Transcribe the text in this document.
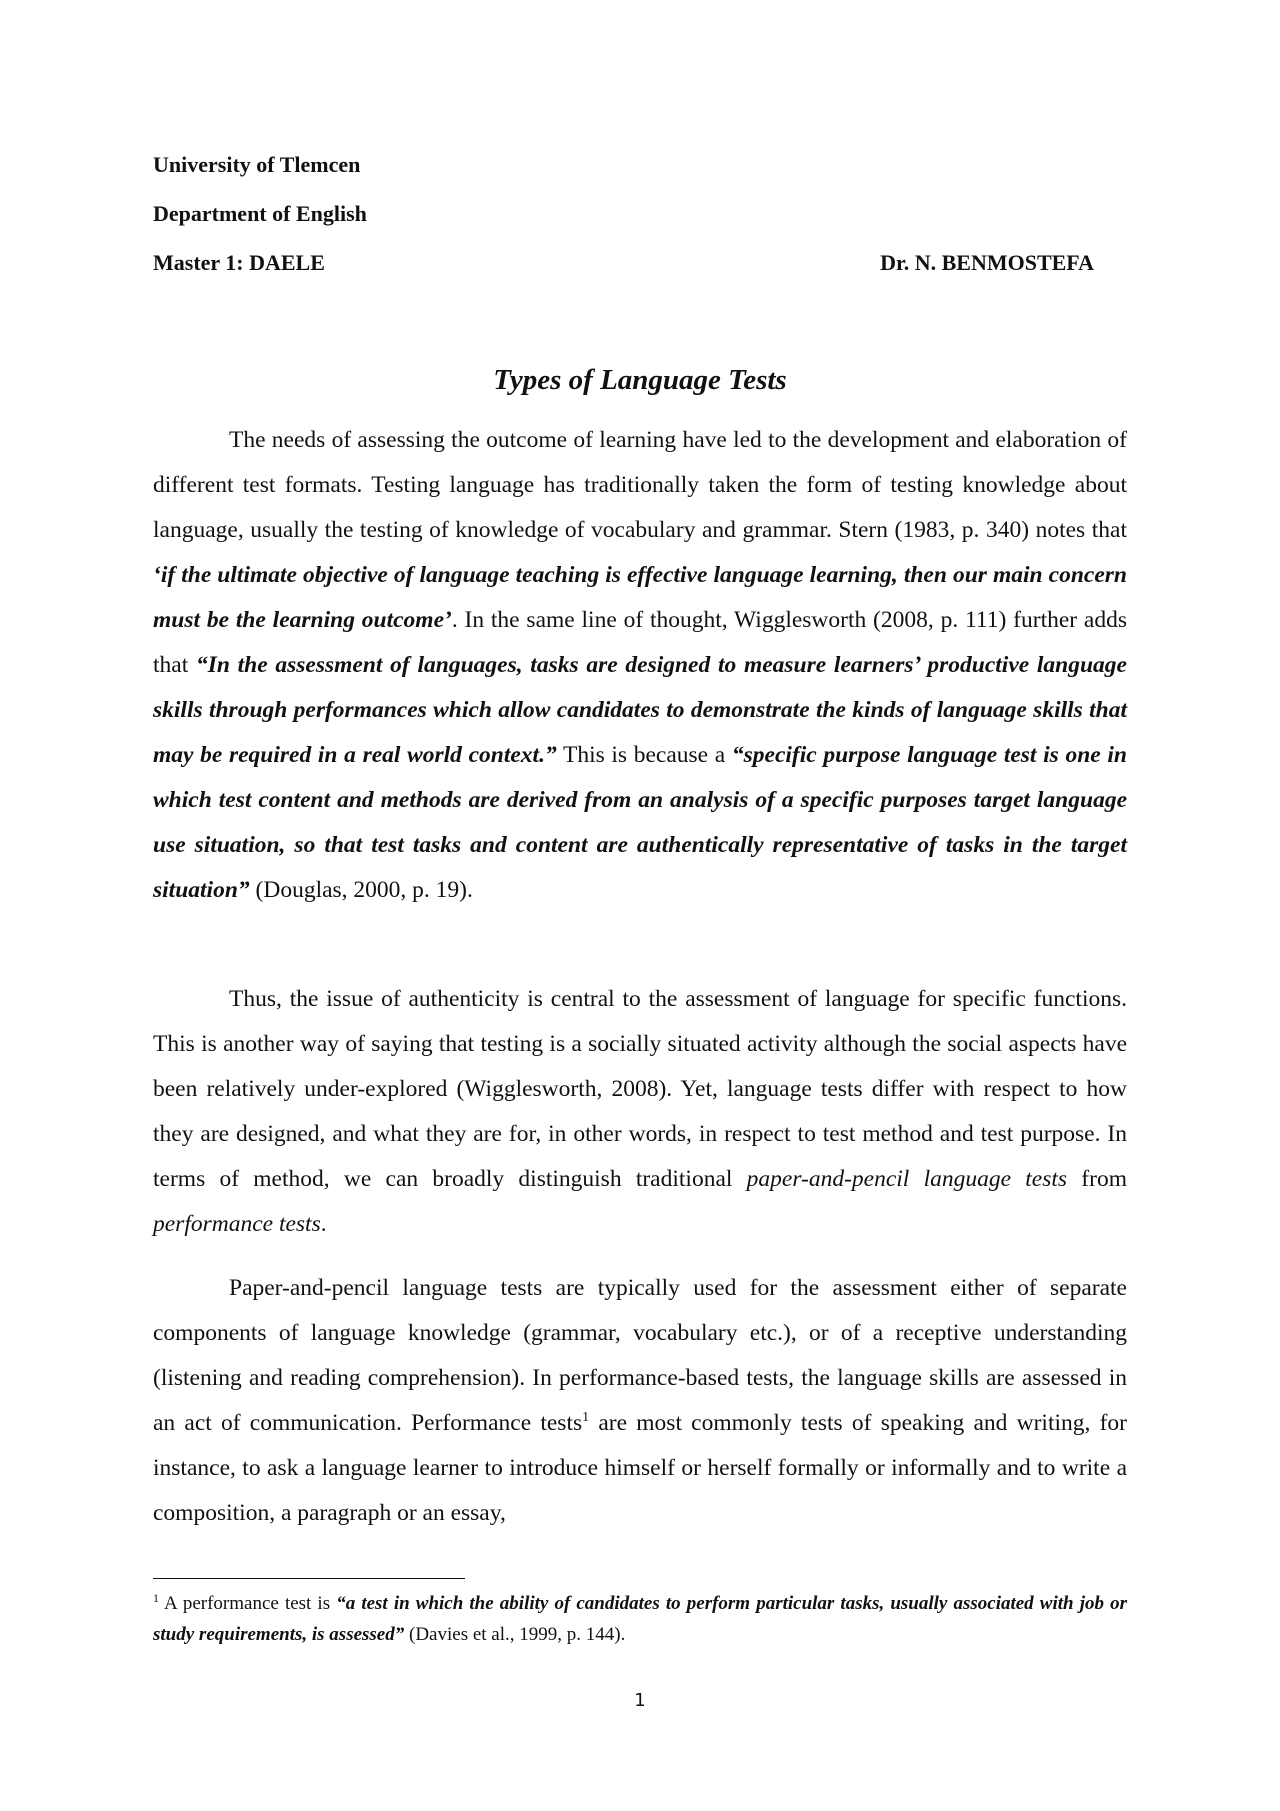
University of Tlemcen
Department of English
Master 1: DAELE	Dr. N. BENMOSTEFA
Types of Language Tests

The needs of assessing the outcome of learning have led to the development and elaboration of different test formats. Testing language has traditionally taken the form of testing knowledge about language, usually the testing of knowledge of vocabulary and grammar. Stern (1983, p. 340) notes that ‘if the ultimate objective of language teaching is effective language learning, then our main concern must be the learning outcome’. In the same line of thought, Wigglesworth (2008, p. 111) further adds that “In the assessment of languages, tasks are designed to measure learners’ productive language skills through performances which allow candidates to demonstrate the kinds of language skills that may be required in a real world context.” This is because a “specific purpose language test is one in which test content and methods are derived from an analysis of a specific purposes target language use situation, so that test tasks and content are authentically representative of tasks in the target situation” (Douglas, 2000, p. 19).

Thus, the issue of authenticity is central to the assessment of language for specific functions. This is another way of saying that testing is a socially situated activity although the social aspects have been relatively under-explored (Wigglesworth, 2008). Yet, language tests differ with respect to how they are designed, and what they are for, in other words, in respect to test method and test purpose. In terms of method, we can broadly distinguish traditional paper-and-pencil language tests from performance tests.

Paper-and-pencil language tests are typically used for the assessment either of separate components of language knowledge (grammar, vocabulary etc.), or of a receptive understanding (listening and reading comprehension). In performance-based tests, the language skills are assessed in an act of communication. Performance tests$^1$ are most commonly tests of speaking and writing, for instance, to ask a language learner to introduce himself or herself formally or informally and to write a composition, a paragraph or an essay,

$^1$ A performance test is “a test in which the ability of candidates to perform particular tasks, usually associated with job or study requirements, is assessed” (Davies et al., 1999, p. 144).

1
